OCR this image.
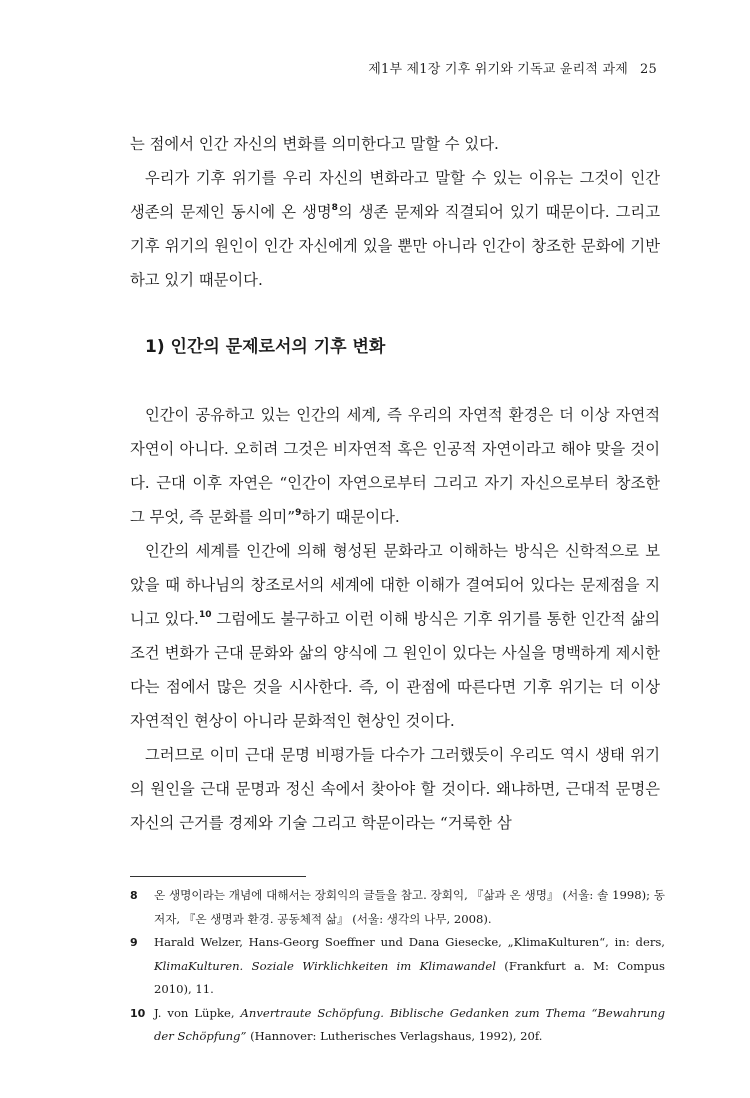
제1부 제1장 기후 위기와 기독교 윤리적 과제 25

는 점에서 인간 자신의 변화를 의미한다고 말할 수 있다.

우리가 기후 위기를 우리 자신의 변화라고 말할 수 있는 이유는 그것이 인간 생존의 문제인 동시에 온 생명$^8$의 생존 문제와 직결되어 있기 때문이다. 그리고 기후 위기의 원인이 인간 자신에게 있을 뿐만 아니라 인간이 창조한 문화에 기반하고 있기 때문이다.

1) 인간의 문제로서의 기후 변화

인간이 공유하고 있는 인간의 세계, 즉 우리의 자연적 환경은 더 이상 자연적 자연이 아니다. 오히려 그것은 비자연적 혹은 인공적 자연이라고 해야 맞을 것이다. 근대 이후 자연은 “인간이 자연으로부터 그리고 자기 자신으로부터 창조한 그 무엇, 즉 문화를 의미”$^9$하기 때문이다.

인간의 세계를 인간에 의해 형성된 문화라고 이해하는 방식은 신학적으로 보았을 때 하나님의 창조로서의 세계에 대한 이해가 결여되어 있다는 문제점을 지니고 있다.$^{10}$ 그럼에도 불구하고 이런 이해 방식은 기후 위기를 통한 인간적 삶의 조건 변화가 근대 문화와 삶의 양식에 그 원인이 있다는 사실을 명백하게 제시한다는 점에서 많은 것을 시사한다. 즉, 이 관점에 따른다면 기후 위기는 더 이상 자연적인 현상이 아니라 문화적인 현상인 것이다.

그러므로 이미 근대 문명 비평가들 다수가 그러했듯이 우리도 역시 생태 위기의 원인을 근대 문명과 정신 속에서 찾아야 할 것이다. 왜냐하면, 근대적 문명은 자신의 근거를 경제와 기술 그리고 학문이라는 “거룩한 삼

8 온 생명이라는 개념에 대해서는 장회익의 글들을 참고. 장회익, 『삶과 온 생명』 (서울: 솔 1998); 동저자, 『온 생명과 환경. 공동체적 삶』 (서울: 생각의 나무, 2008).
9 Harald Welzer, Hans-Georg Soeffner und Dana Giesecke, „KlimaKulturen“, in: ders, KlimaKulturen. Soziale Wirklichkeiten im Klimawandel (Frankfurt a. M: Compus 2010), 11.
10 J. von Lüpke, Anvertraute Schöpfung. Biblische Gedanken zum Thema “Bewahrung der Schöpfung” (Hannover: Lutherisches Verlagshaus, 1992), 20f.
